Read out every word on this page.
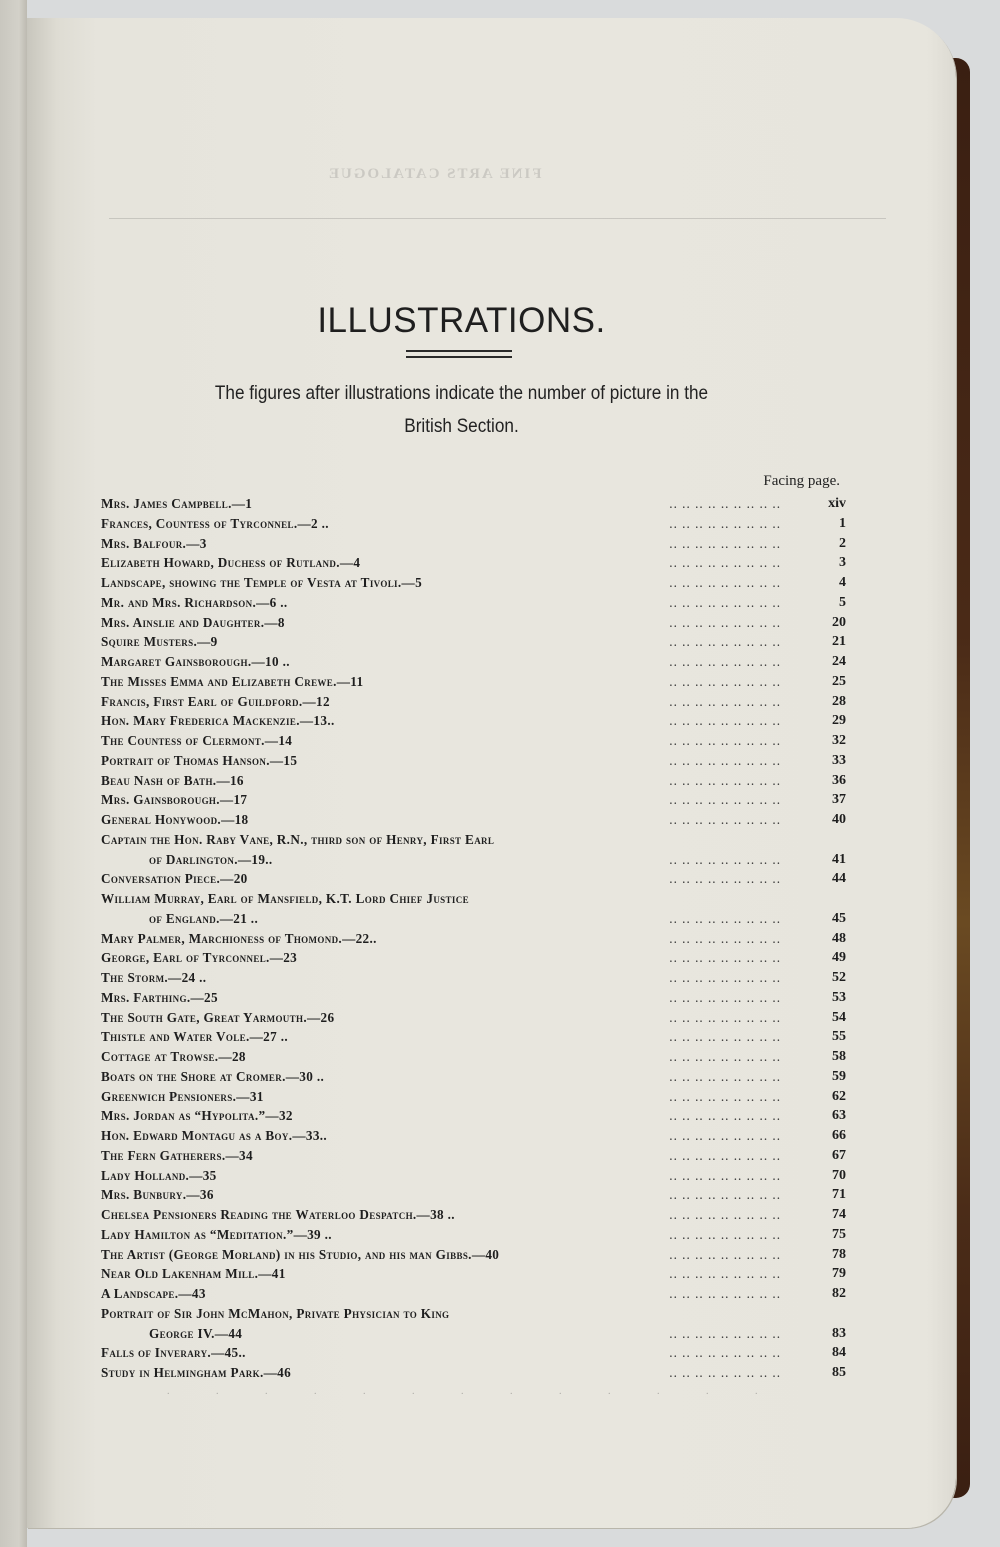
FINE ARTS CATALOGUE
ILLUSTRATIONS.
The figures after illustrations indicate the number of picture in the
British Section.
Facing page.
.. .. .. .. .. .. .. .. ..
Mrs. James Campbell.—1	xiv
.. .. .. .. .. .. .. .. ..
Frances, Countess of Tyrconnel.—2 ..	1
.. .. .. .. .. .. .. .. ..
Mrs. Balfour.—3	2
.. .. .. .. .. .. .. .. ..
Elizabeth Howard, Duchess of Rutland.—4	3
.. .. .. .. .. .. .. .. ..
Landscape, showing the Temple of Vesta at Tivoli.—5	4
.. .. .. .. .. .. .. .. ..
Mr. and Mrs. Richardson.—6 ..	5
.. .. .. .. .. .. .. .. ..
Mrs. Ainslie and Daughter.—8	20
.. .. .. .. .. .. .. .. ..
Squire Musters.—9	21
.. .. .. .. .. .. .. .. ..
Margaret Gainsborough.—10 ..	24
.. .. .. .. .. .. .. .. ..
The Misses Emma and Elizabeth Crewe.—11	25
.. .. .. .. .. .. .. .. ..
Francis, First Earl of Guildford.—12	28
.. .. .. .. .. .. .. .. ..
Hon. Mary Frederica Mackenzie.—13..	29
.. .. .. .. .. .. .. .. ..
The Countess of Clermont.—14	32
.. .. .. .. .. .. .. .. ..
Portrait of Thomas Hanson.—15	33
.. .. .. .. .. .. .. .. ..
Beau Nash of Bath.—16	36
.. .. .. .. .. .. .. .. ..
Mrs. Gainsborough.—17	37
.. .. .. .. .. .. .. .. ..
General Honywood.—18	40
.. .. .. .. .. .. .. .. ..
Captain the Hon. Raby Vane, R.N., third son of Henry, First Earl
of Darlington.—19..	41
.. .. .. .. .. .. .. .. ..
Conversation Piece.—20	44
.. .. .. .. .. .. .. .. ..
William Murray, Earl of Mansfield, K.T. Lord Chief Justice
of England.—21 ..	45
.. .. .. .. .. .. .. .. ..
Mary Palmer, Marchioness of Thomond.—22..	48
.. .. .. .. .. .. .. .. ..
George, Earl of Tyrconnel.—23	49
.. .. .. .. .. .. .. .. ..
The Storm.—24 ..	52
.. .. .. .. .. .. .. .. ..
Mrs. Farthing.—25	53
.. .. .. .. .. .. .. .. ..
The South Gate, Great Yarmouth.—26	54
.. .. .. .. .. .. .. .. ..
Thistle and Water Vole.—27 ..	55
.. .. .. .. .. .. .. .. ..
Cottage at Trowse.—28	58
.. .. .. .. .. .. .. .. ..
Boats on the Shore at Cromer.—30 ..	59
.. .. .. .. .. .. .. .. ..
Greenwich Pensioners.—31	62
.. .. .. .. .. .. .. .. ..
Mrs. Jordan as “Hypolita.”—32	63
.. .. .. .. .. .. .. .. ..
Hon. Edward Montagu as a Boy.—33..	66
.. .. .. .. .. .. .. .. ..
The Fern Gatherers.—34	67
.. .. .. .. .. .. .. .. ..
Lady Holland.—35	70
.. .. .. .. .. .. .. .. ..
Mrs. Bunbury.—36	71
.. .. .. .. .. .. .. .. ..
Chelsea Pensioners Reading the Waterloo Despatch.—38 ..	74
.. .. .. .. .. .. .. .. ..
Lady Hamilton as “Meditation.”—39 ..	75
.. .. .. .. .. .. .. .. ..
The Artist (George Morland) in his Studio, and his man Gibbs.—40	78
.. .. .. .. .. .. .. .. ..
Near Old Lakenham Mill.—41	79
.. .. .. .. .. .. .. .. ..
A Landscape.—43	82
.. .. .. .. .. .. .. .. ..
Portrait of Sir John McMahon, Private Physician to King
George IV.—44	83
.. .. .. .. .. .. .. .. ..
Falls of Inverary.—45..	84
.. .. .. .. .. .. .. .. ..
Study in Helmingham Park.—46	85
. . . . . . . . . . . . .
